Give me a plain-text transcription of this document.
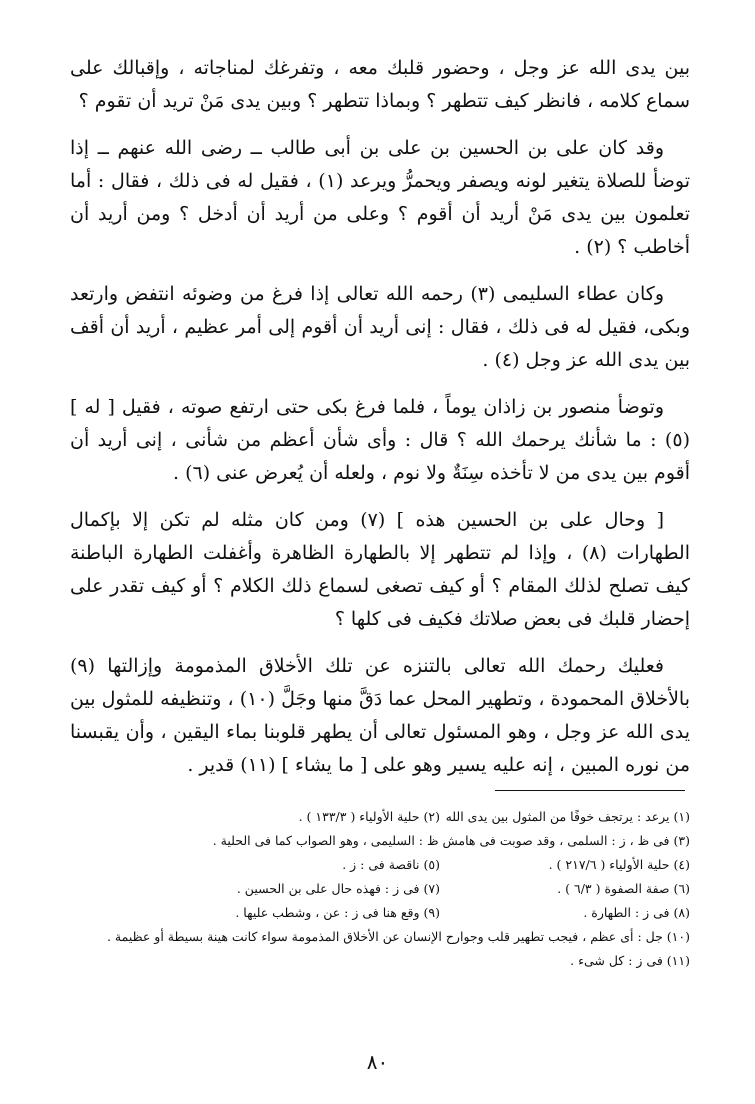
بين يدى الله عز وجل ، وحضور قلبك معه ، وتفرغك لمناجاته ، وإقبالك على سماع كلامه ، فانظر كيف تتطهر ؟ وبماذا تتطهر ؟ وبين يدى مَنْ تريد أن تقوم ؟

وقد كان على بن الحسين بن على بن أبى طالب ــ رضى الله عنهم ــ إذا توضأ للصلاة يتغير لونه ويصفر ويحمرُّ ويرعد (١) ، فقيل له فى ذلك ، فقال : أما تعلمون بين يدى مَنْ أريد أن أقوم ؟ وعلى من أريد أن أدخل ؟ ومن أريد أن أخاطب ؟ (٢) .

وكان عطاء السليمى (٣) رحمه الله تعالى إذا فرغ من وضوئه انتفض وارتعد وبكى، فقيل له فى ذلك ، فقال : إنى أريد أن أقوم إلى أمر عظيم ، أريد أن أقف بين يدى الله عز وجل (٤) .

وتوضأ منصور بن زاذان يوماً ، فلما فرغ بكى حتى ارتفع صوته ، فقيل [ له ] (٥) : ما شأنك يرحمك الله ؟ قال : وأى شأن أعظم من شأنى ، إنى أريد أن أقوم بين يدى من لا تأخذه سِنَةٌ ولا نوم ، ولعله أن يُعرض عنى (٦) .

[ وحال على بن الحسين هذه ] (٧) ومن كان مثله لم تكن إلا بإكمال الطهارات (٨) ، وإذا لم تتطهر إلا بالطهارة الظاهرة وأغفلت الطهارة الباطنة كيف تصلح لذلك المقام ؟ أو كيف تصغى لسماع ذلك الكلام ؟ أو كيف تقدر على إحضار قلبك فى بعض صلاتك فكيف فى كلها ؟

فعليك رحمك الله تعالى بالتنزه عن تلك الأخلاق المذمومة وإزالتها (٩) بالأخلاق المحمودة ، وتطهير المحل عما دَقَّ منها وجَلَّ (١٠) ، وتنظيفه للمثول بين يدى الله عز وجل ، وهو المسئول تعالى أن يطهر قلوبنا بماء اليقين ، وأن يقبسنا من نوره المبين ، إنه عليه يسير وهو على [ ما يشاء ] (١١) قدير .

(١) يرعد : يرتجف خوفًا من المثول بين يدى الله
(٢) حلية الأولياء ( ١٣٣/٣ ) .
(٣) فى ظ ، ز : السلمى ، وقد صوبت فى هامش ظ : السليمى ، وهو الصواب كما فى الحلية .
(٤) حلية الأولياء ( ٢١٧/٦ ) .
(٥) ناقصة فى : ز .
(٦) صفة الصفوة ( ٦/٣ ) .
(٧) فى ز : فهذه حال على بن الحسين .
(٨) فى ز : الطهارة .
(٩) وقع هنا فى ز : عن ، وشطب عليها .
(١٠) جل : أى عظم ، فيجب تطهير قلب وجوارح الإنسان عن الأخلاق المذمومة سواء كانت هينة بسيطة أو عظيمة .
(١١) فى ز : كل شىء .
٨٠
